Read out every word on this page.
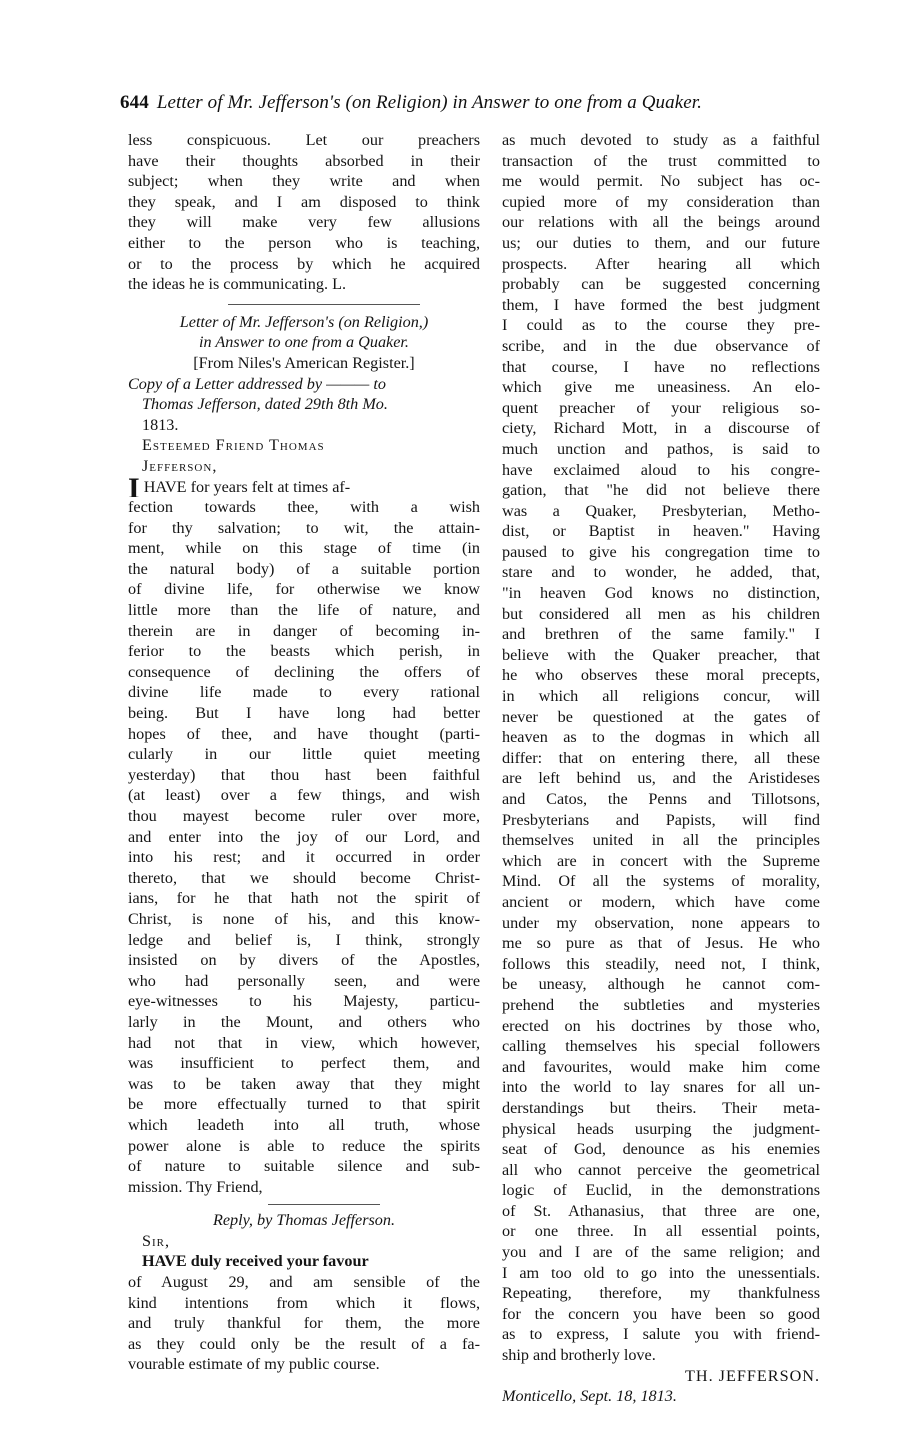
644 Letter of Mr. Jefferson's (on Religion) in Answer to one from a Quaker.
less conspicuous. Let our preachers
have their thoughts absorbed in their
subject; when they write and when
they speak, and I am disposed to think
they will make very few allusions
either to the person who is teaching,
or to the process by which he acquired
the ideas he is communicating. L.
Letter of Mr. Jefferson's (on Religion,)
in Answer to one from a Quaker.
[From Niles's American Register.]
Copy of a Letter addressed by ——— to
Thomas Jefferson, dated 29th 8th Mo.
1813.
Esteemed Friend Thomas
Jefferson,
IHAVE for years felt at times af-
fection towards thee, with a wish
for thy salvation; to wit, the attain-
ment, while on this stage of time (in
the natural body) of a suitable portion
of divine life, for otherwise we know
little more than the life of nature, and
therein are in danger of becoming in-
ferior to the beasts which perish, in
consequence of declining the offers of
divine life made to every rational
being. But I have long had better
hopes of thee, and have thought (parti-
cularly in our little quiet meeting
yesterday) that thou hast been faithful
(at least) over a few things, and wish
thou mayest become ruler over more,
and enter into the joy of our Lord, and
into his rest; and it occurred in order
thereto, that we should become Christ-
ians, for he that hath not the spirit of
Christ, is none of his, and this know-
ledge and belief is, I think, strongly
insisted on by divers of the Apostles,
who had personally seen, and were
eye-witnesses to his Majesty, particu-
larly in the Mount, and others who
had not that in view, which however,
was insufficient to perfect them, and
was to be taken away that they might
be more effectually turned to that spirit
which leadeth into all truth, whose
power alone is able to reduce the spirits
of nature to suitable silence and sub-
mission. Thy Friend,
Reply, by Thomas Jefferson.
Sir,
HAVE duly received your favour
of August 29, and am sensible of the
kind intentions from which it flows,
and truly thankful for them, the more
as they could only be the result of a fa-
vourable estimate of my public course.
as much devoted to study as a faithful
transaction of the trust committed to
me would permit. No subject has oc-
cupied more of my consideration than
our relations with all the beings around
us; our duties to them, and our future
prospects. After hearing all which
probably can be suggested concerning
them, I have formed the best judgment
I could as to the course they pre-
scribe, and in the due observance of
that course, I have no reflections
which give me uneasiness. An elo-
quent preacher of your religious so-
ciety, Richard Mott, in a discourse of
much unction and pathos, is said to
have exclaimed aloud to his congre-
gation, that "he did not believe there
was a Quaker, Presbyterian, Metho-
dist, or Baptist in heaven." Having
paused to give his congregation time to
stare and to wonder, he added, that,
"in heaven God knows no distinction,
but considered all men as his children
and brethren of the same family." I
believe with the Quaker preacher, that
he who observes these moral precepts,
in which all religions concur, will
never be questioned at the gates of
heaven as to the dogmas in which all
differ: that on entering there, all these
are left behind us, and the Aristideses
and Catos, the Penns and Tillotsons,
Presbyterians and Papists, will find
themselves united in all the principles
which are in concert with the Supreme
Mind. Of all the systems of morality,
ancient or modern, which have come
under my observation, none appears to
me so pure as that of Jesus. He who
follows this steadily, need not, I think,
be uneasy, although he cannot com-
prehend the subtleties and mysteries
erected on his doctrines by those who,
calling themselves his special followers
and favourites, would make him come
into the world to lay snares for all un-
derstandings but theirs. Their meta-
physical heads usurping the judgment-
seat of God, denounce as his enemies
all who cannot perceive the geometrical
logic of Euclid, in the demonstrations
of St. Athanasius, that three are one,
or one three. In all essential points,
you and I are of the same religion; and
I am too old to go into the unessentials.
Repeating, therefore, my thankfulness
for the concern you have been so good
as to express, I salute you with friend-
ship and brotherly love.
TH. JEFFERSON.
Monticello, Sept. 18, 1813.
